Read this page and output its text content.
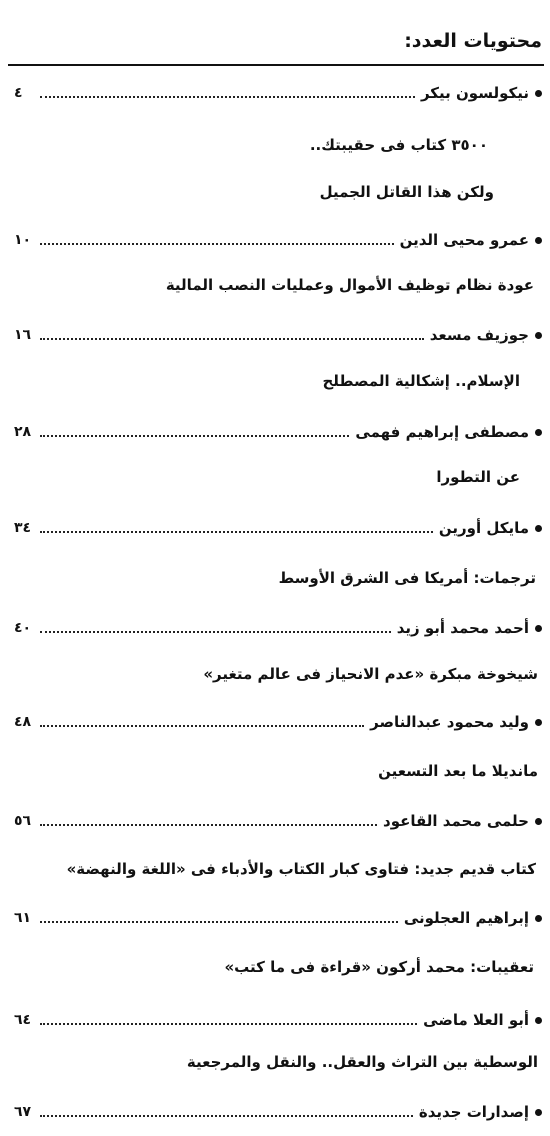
محتويات العدد:
نيكولسون بيكر
٤
٣٥٠٠ كتاب فى حقيبتك..
ولكن هذا القاتل الجميل
عمرو محيى الدين
١٠
عودة نظام توظيف الأموال وعمليات النصب المالية
جوزيف مسعد
١٦
الإسلام.. إشكالية المصطلح
مصطفى إبراهيم فهمى
٢٨
عن التطورا
مايكل أورين
٣٤
ترجمات: أمريكا فى الشرق الأوسط
أحمد محمد أبو زيد
٤٠
شيخوخة مبكرة «عدم الانحياز فى عالم متغير»
وليد محمود عبدالناصر
٤٨
مانديلا ما بعد التسعين
حلمى محمد القاعود
٥٦
كتاب قديم جديد: فتاوى كبار الكتاب والأدباء فى «اللغة والنهضة»
إبراهيم العجلونى
٦١
تعقيبات: محمد أركون «قراءة فى ما كتب»
أبو العلا ماضى
٦٤
الوسطية بين التراث والعقل.. والنقل والمرجعية
إصدارات جديدة
٦٧
